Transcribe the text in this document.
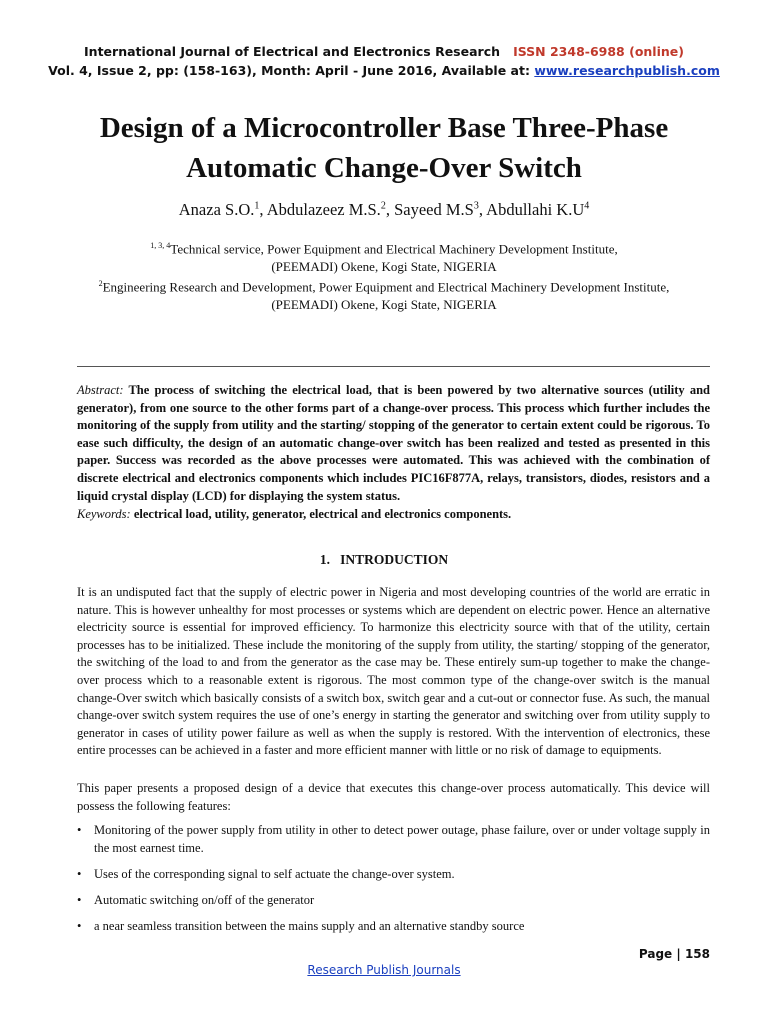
International Journal of Electrical and Electronics Research ISSN 2348-6988 (online)
Vol. 4, Issue 2, pp: (158-163), Month: April - June 2016, Available at: www.researchpublish.com
Design of a Microcontroller Base Three-Phase Automatic Change-Over Switch
Anaza S.O.$^1$, Abdulazeez M.S.$^2$, Sayeed $M.S^3$, Abdullahi $K.U^4$
$^{1, 3, 4}$Technical service, Power Equipment and Electrical Machinery Development Institute,
(PEEMADI) Okene, Kogi State, NIGERIA
$^2$Engineering Research and Development, Power Equipment and Electrical Machinery Development Institute,
(PEEMADI) Okene, Kogi State, NIGERIA
Abstract: The process of switching the electrical load, that is been powered by two alternative sources (utility and generator), from one source to the other forms part of a change-over process. This process which further includes the monitoring of the supply from utility and the starting/ stopping of the generator to certain extent could be rigorous. To ease such difficulty, the design of an automatic change-over switch has been realized and tested as presented in this paper. Success was recorded as the above processes were automated. This was achieved with the combination of discrete electrical and electronics components which includes PIC16F877A, relays, transistors, diodes, resistors and a liquid crystal display (LCD) for displaying the system status.
Keywords: electrical load, utility, generator, electrical and electronics components.
1. INTRODUCTION
It is an undisputed fact that the supply of electric power in Nigeria and most developing countries of the world are erratic in nature. This is however unhealthy for most processes or systems which are dependent on electric power. Hence an alternative electricity source is essential for improved efficiency. To harmonize this electricity source with that of the utility, certain processes has to be initialized. These include the monitoring of the supply from utility, the starting/ stopping of the generator, the switching of the load to and from the generator as the case may be. These entirely sum-up together to make the change-over process which to a reasonable extent is rigorous. The most common type of the change-over switch is the manual change-Over switch which basically consists of a switch box, switch gear and a cut-out or connector fuse. As such, the manual change-over switch system requires the use of one’s energy in starting the generator and switching over from utility supply to generator in cases of utility power failure as well as when the supply is restored. With the intervention of electronics, these entire processes can be achieved in a faster and more efficient manner with little or no risk of damage to equipments.
This paper presents a proposed design of a device that executes this change-over process automatically. This device will possess the following features:
• Monitoring of the power supply from utility in other to detect power outage, phase failure, over or under voltage supply in the most earnest time.
• Uses of the corresponding signal to self actuate the change-over system.
• Automatic switching on/off of the generator
• a near seamless transition between the mains supply and an alternative standby source
Page | 158
Research Publish Journals
